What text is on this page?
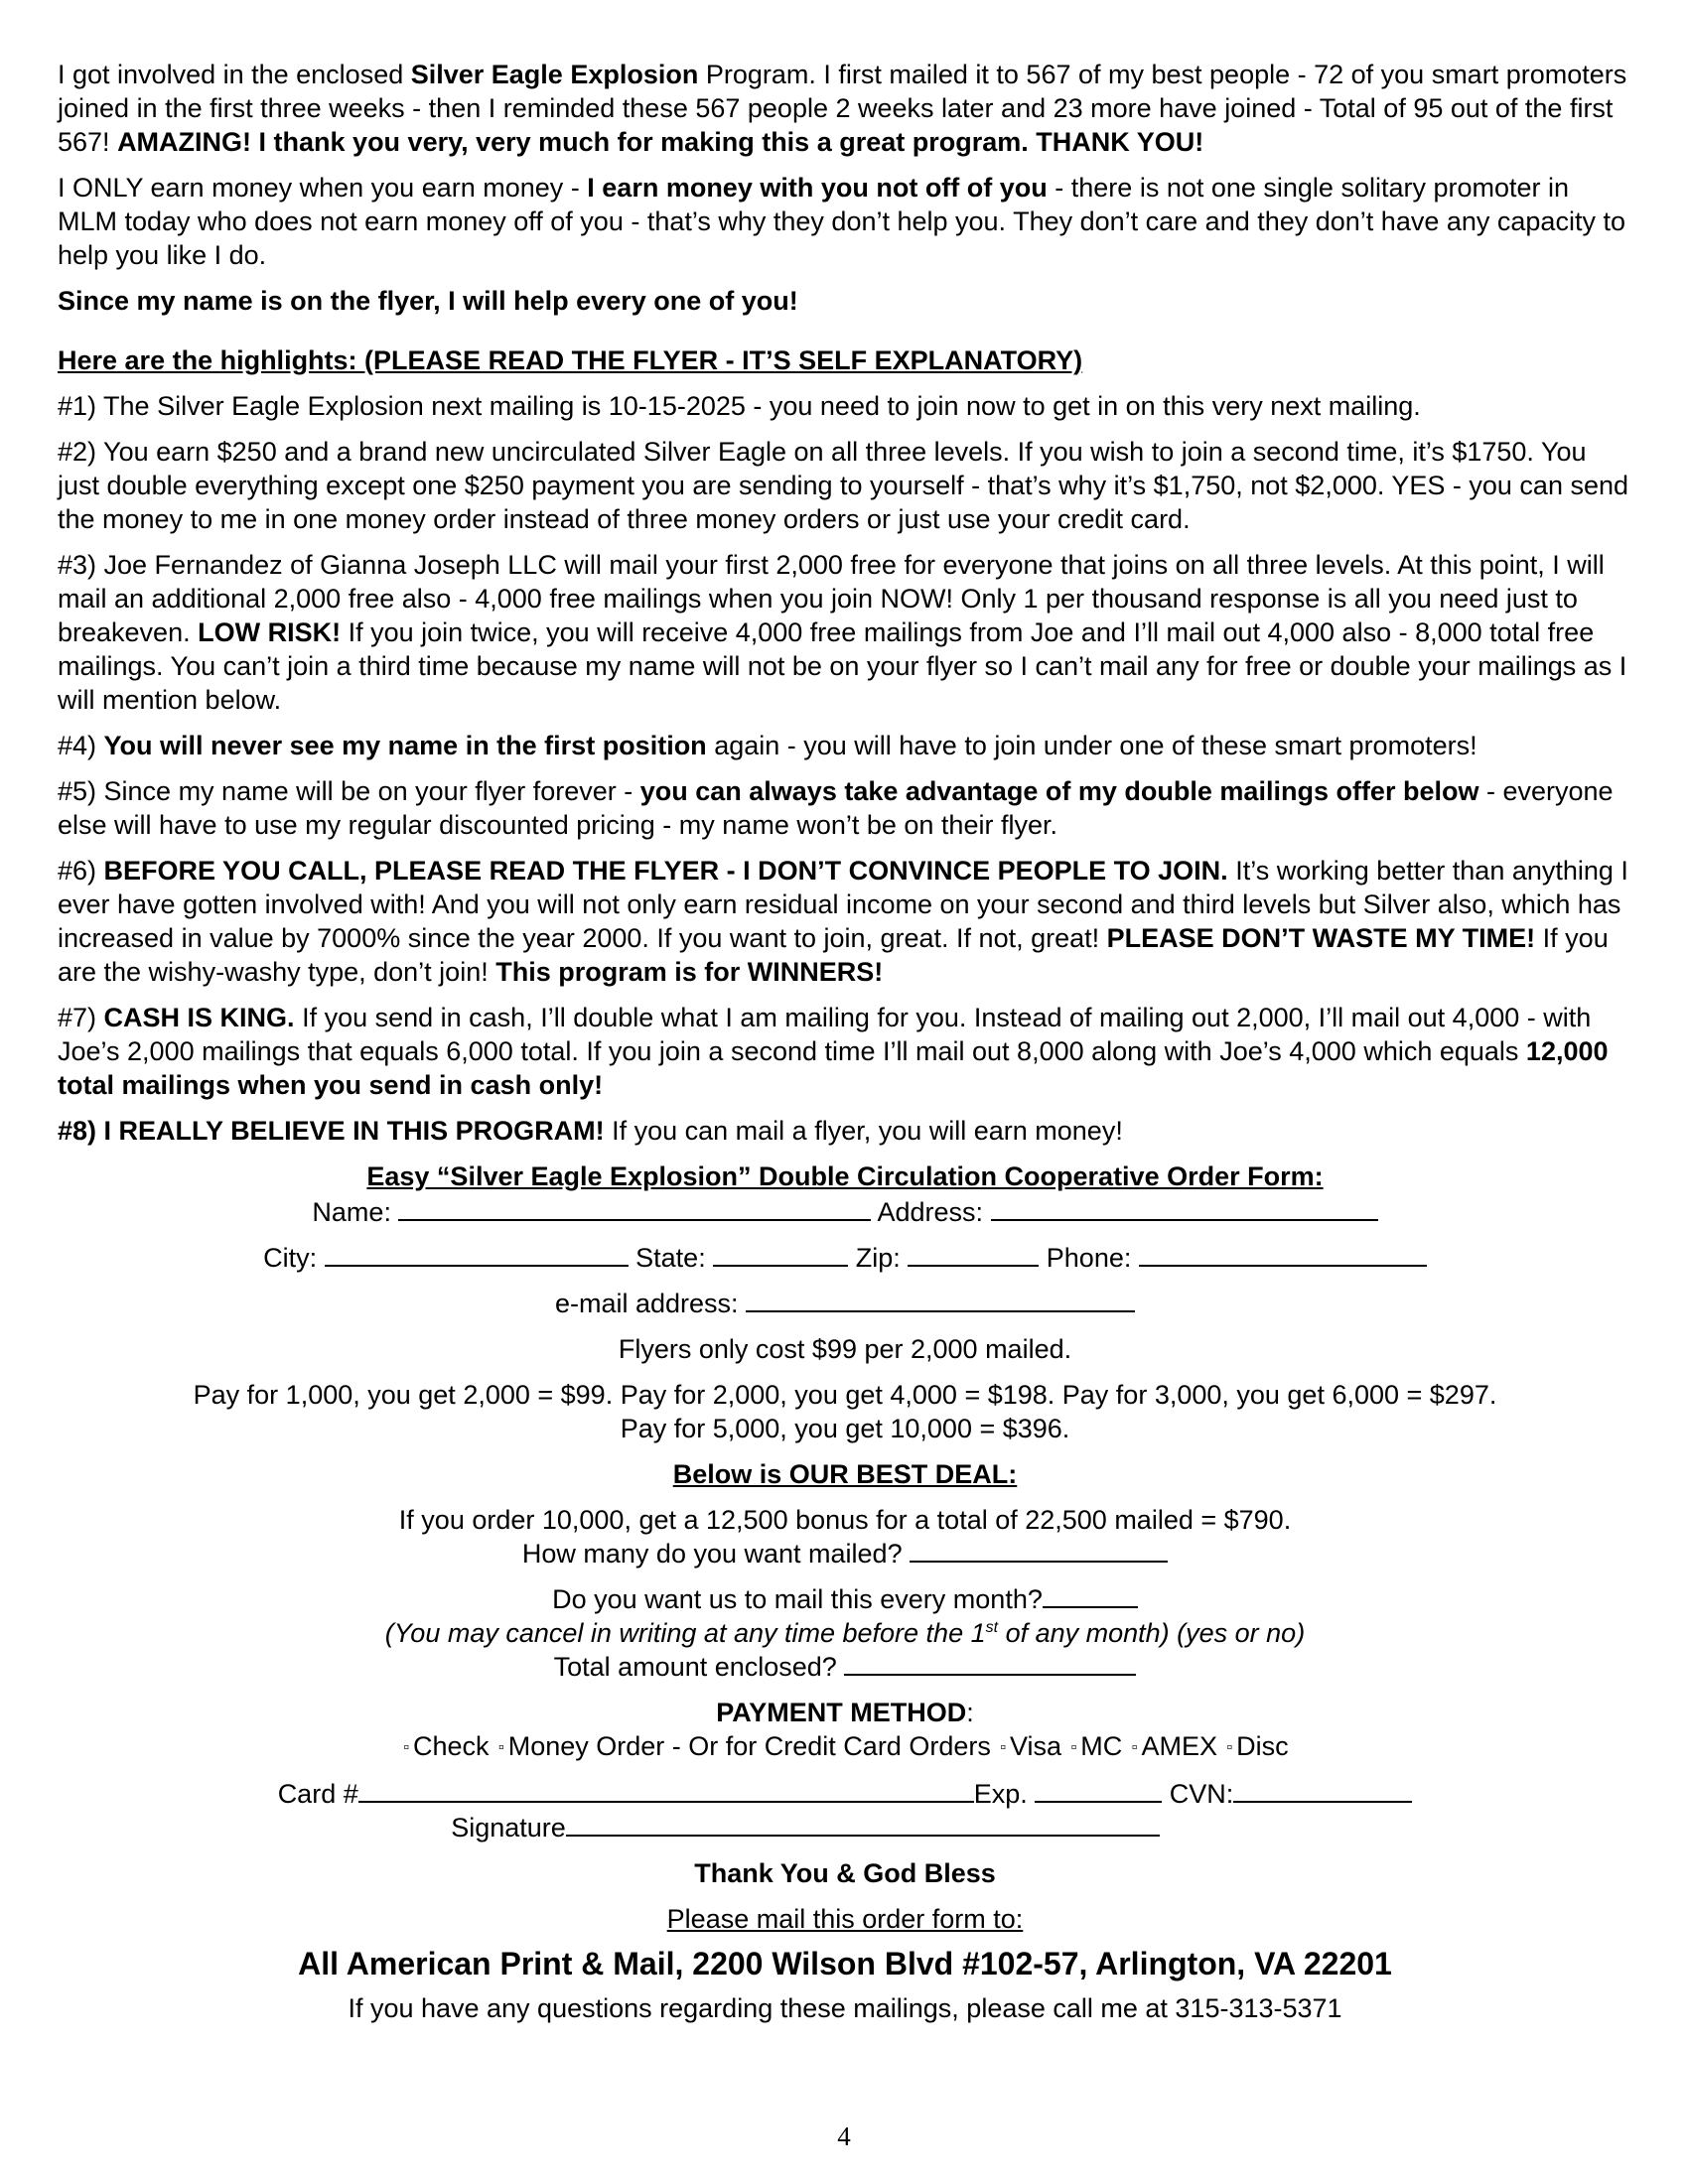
I got involved in the enclosed Silver Eagle Explosion Program. I first mailed it to 567 of my best people - 72 of you smart promoters joined in the first three weeks - then I reminded these 567 people 2 weeks later and 23 more have joined - Total of 95 out of the first 567! AMAZING! I thank you very, very much for making this a great program. THANK YOU!

I ONLY earn money when you earn money - I earn money with you not off of you - there is not one single solitary promoter in MLM today who does not earn money off of you - that’s why they don’t help you. They don’t care and they don’t have any capacity to help you like I do.

Since my name is on the flyer, I will help every one of you!

Here are the highlights: (PLEASE READ THE FLYER - IT’S SELF EXPLANATORY)

#1) The Silver Eagle Explosion next mailing is 10-15-2025 - you need to join now to get in on this very next mailing.

#2) You earn $250 and a brand new uncirculated Silver Eagle on all three levels. If you wish to join a second time, it’s $1750. You just double everything except one $250 payment you are sending to yourself - that’s why it’s $1,750, not $2,000. YES - you can send the money to me in one money order instead of three money orders or just use your credit card.

#3) Joe Fernandez of Gianna Joseph LLC will mail your first 2,000 free for everyone that joins on all three levels. At this point, I will mail an additional 2,000 free also - 4,000 free mailings when you join NOW! Only 1 per thousand response is all you need just to breakeven. LOW RISK! If you join twice, you will receive 4,000 free mailings from Joe and I’ll mail out 4,000 also - 8,000 total free mailings. You can’t join a third time because my name will not be on your flyer so I can’t mail any for free or double your mailings as I will mention below.

#4) You will never see my name in the first position again - you will have to join under one of these smart promoters!

#5) Since my name will be on your flyer forever - you can always take advantage of my double mailings offer below - everyone else will have to use my regular discounted pricing - my name won’t be on their flyer.

#6) BEFORE YOU CALL, PLEASE READ THE FLYER - I DON’T CONVINCE PEOPLE TO JOIN. It’s working better than anything I ever have gotten involved with! And you will not only earn residual income on your second and third levels but Silver also, which has increased in value by 7000% since the year 2000. If you want to join, great. If not, great! PLEASE DON’T WASTE MY TIME! If you are the wishy-washy type, don’t join! This program is for WINNERS!

#7) CASH IS KING. If you send in cash, I’ll double what I am mailing for you. Instead of mailing out 2,000, I’ll mail out 4,000 - with Joe’s 2,000 mailings that equals 6,000 total. If you join a second time I’ll mail out 8,000 along with Joe’s 4,000 which equals 12,000 total mailings when you send in cash only!

#8) I REALLY BELIEVE IN THIS PROGRAM! If you can mail a flyer, you will earn money!

Easy “Silver Eagle Explosion” Double Circulation Cooperative Order Form:

Name:	Address:

City:	State:	Zip:	Phone:

e-mail address:

Flyers only cost $99 per 2,000 mailed.

Pay for 1,000, you get 2,000 = $99. Pay for 2,000, you get 4,000 = $198. Pay for 3,000, you get 6,000 = $297.

Pay for 5,000, you get 10,000 = $396.

Below is OUR BEST DEAL:

If you order 10,000, get a 12,500 bonus for a total of 22,500 mailed = $790.

How many do you want mailed?

Do you want us to mail this every month?

(You may cancel in writing at any time before the 1st of any month) (yes or no)

Total amount enclosed?

PAYMENT METHOD:

▫ Check ▫ Money Order - Or for Credit Card Orders ▫ Visa ▫ MC ▫ AMEX ▫ Disc

Card #	Exp.	CVN:

Signature

Thank You & God Bless

Please mail this order form to:

All American Print & Mail, 2200 Wilson Blvd #102-57, Arlington, VA 22201

If you have any questions regarding these mailings, please call me at 315-313-5371

4
